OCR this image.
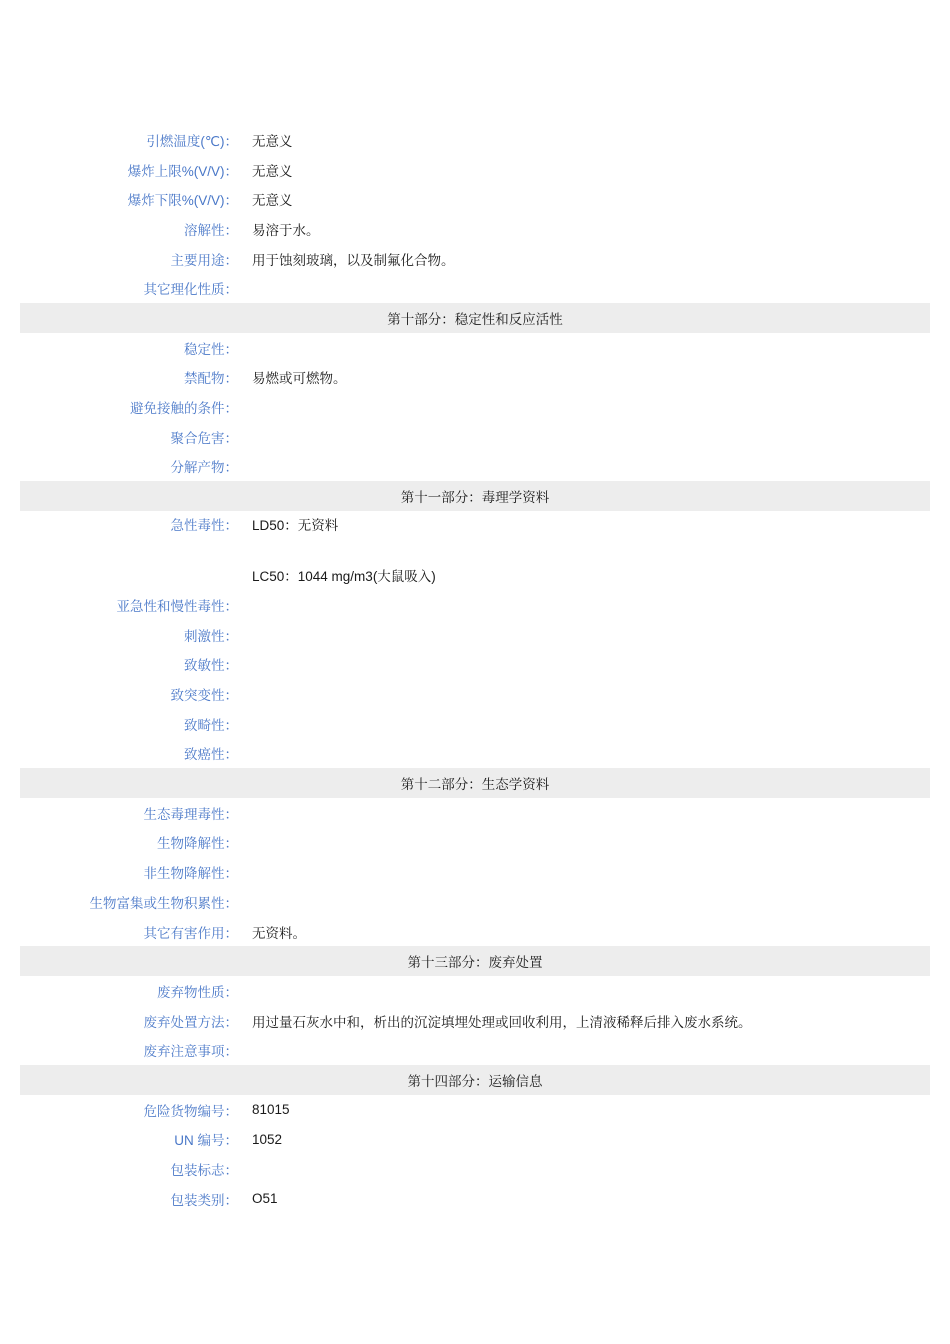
引燃温度(℃)：	无意义
爆炸上限%(V/V)：	无意义
爆炸下限%(V/V)：	无意义
溶解性：	易溶于水。
主要用途：	用于蚀刻玻璃，以及制氟化合物。
其它理化性质：
第十部分：稳定性和反应活性
稳定性：
禁配物：	易燃或可燃物。
避免接触的条件：
聚合危害：
分解产物：
第十一部分：毒理学资料
急性毒性：	LD50：无资料
LC50：1044 mg/m3(大鼠吸入)
亚急性和慢性毒性：
刺激性：
致敏性：
致突变性：
致畸性：
致癌性：
第十二部分：生态学资料
生态毒理毒性：
生物降解性：
非生物降解性：
生物富集或生物积累性：
其它有害作用：	无资料。
第十三部分：废弃处置
废弃物性质：
废弃处置方法：	用过量石灰水中和，析出的沉淀填埋处理或回收利用，上清液稀释后排入废水系统。
废弃注意事项：
第十四部分：运输信息
危险货物编号：	81015
UN 编号：	1052
包装标志：
包装类别：	O51
